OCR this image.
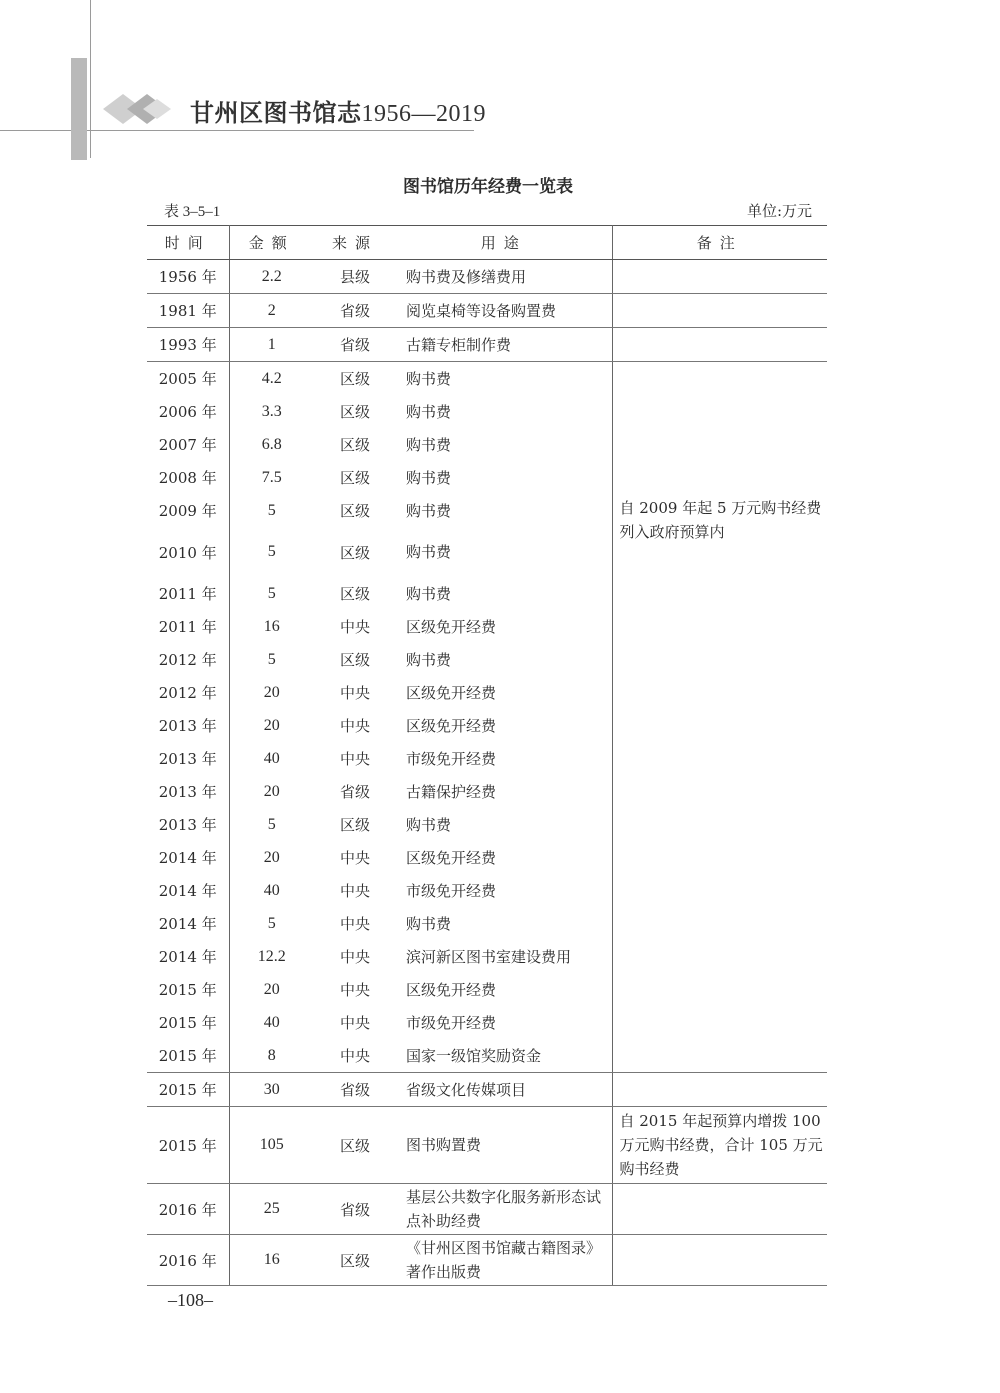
甘州区图书馆志1956—2019
图书馆历年经费一览表
表 3–5–1	单位:万元
时间	金额	来源	用途	备注
1956 年	2.2	县级	购书费及修缮费用	
1981 年	2	省级	阅览桌椅等设备购置费	
1993 年	1	省级	古籍专柜制作费	
2005 年	4.2	区级	购书费	自 2009 年起 5 万元购书经费列入政府预算内
2006 年	3.3	区级	购书费	
2007 年	6.8	区级	购书费	
2008 年	7.5	区级	购书费	
2009 年	5	区级	购书费	
2010 年	5	区级	购书费	
2011 年	5	区级	购书费	
2011 年	16	中央	区级免开经费	
2012 年	5	区级	购书费	
2012 年	20	中央	区级免开经费	
2013 年	20	中央	区级免开经费	
2013 年	40	中央	市级免开经费	
2013 年	20	省级	古籍保护经费	
2013 年	5	区级	购书费	
2014 年	20	中央	区级免开经费	
2014 年	40	中央	市级免开经费	
2014 年	5	中央	购书费	
2014 年	12.2	中央	滨河新区图书室建设费用	
2015 年	20	中央	区级免开经费	
2015 年	40	中央	市级免开经费	
2015 年	8	中央	国家一级馆奖励资金	
2015 年	30	省级	省级文化传媒项目	
2015 年	105	区级	图书购置费	自 2015 年起预算内增拨 100 万元购书经费，合计 105 万元购书经费
2016 年	25	省级	基层公共数字化服务新形态试点补助经费	
2016 年	16	区级	《甘州区图书馆藏古籍图录》著作出版费	
–108–
